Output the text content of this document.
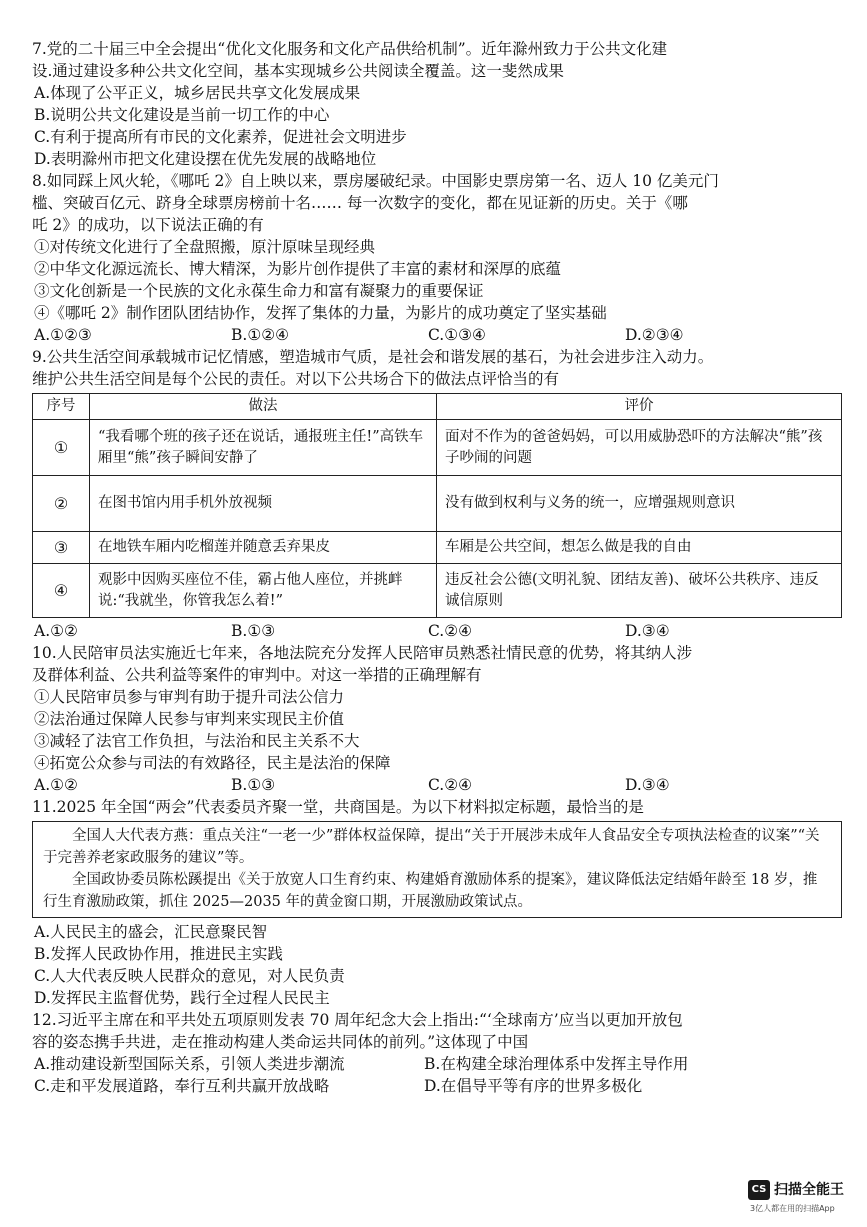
7.党的二十届三中全会提出“优化文化服务和文化产品供给机制”。近年滁州致力于公共文化建
设.通过建设多种公共文化空间，基本实现城乡公共阅读全覆盖。这一斐然成果
A.体现了公平正义，城乡居民共享文化发展成果
B.说明公共文化建设是当前一切工作的中心
C.有利于提高所有市民的文化素养，促进社会文明进步
D.表明滁州市把文化建设摆在优先发展的战略地位
8.如同踩上风火轮，《哪吒 2》自上映以来，票房屡破纪录。中国影史票房第一名、迈人 10 亿美元门
槛、突破百亿元、跻身全球票房榜前十名…… 每一次数字的变化，都在见证新的历史。关于《哪
吒 2》的成功，以下说法正确的有
①对传统文化进行了全盘照搬，原汁原味呈现经典
②中华文化源远流长、博大精深，为影片创作提供了丰富的素材和深厚的底蕴
③文化创新是一个民族的文化永葆生命力和富有凝聚力的重要保证
④《哪吒 2》制作团队团结协作，发挥了集体的力量，为影片的成功奠定了坚实基础
A.①②③	B.①②④	C.①③④	D.②③④
9.公共生活空间承载城市记忆情感，塑造城市气质，是社会和谐发展的基石，为社会进步注入动力。
维护公共生活空间是每个公民的责任。对以下公共场合下的做法点评恰当的有
序号	做法	评价
①	“我看哪个班的孩子还在说话，通报班主任!”高铁车厢里“熊”孩子瞬间安静了	面对不作为的爸爸妈妈，可以用威胁恐吓的方法解决“熊”孩子吵闹的问题
②	在图书馆内用手机外放视频	没有做到权利与义务的统一，应增强规则意识
③	在地铁车厢内吃榴莲并随意丢弃果皮	车厢是公共空间，想怎么做是我的自由
④	观影中因购买座位不佳，霸占他人座位，并挑衅说:“我就坐，你管我怎么着!”	违反社会公德(文明礼貌、团结友善)、破坏公共秩序、违反诚信原则
A.①②	B.①③	C.②④	D.③④
10.人民陪审员法实施近七年来，各地法院充分发挥人民陪审员熟悉社情民意的优势，将其纳人涉
及群体利益、公共利益等案件的审判中。对这一举措的正确理解有
①人民陪审员参与审判有助于提升司法公信力
②法治通过保障人民参与审判来实现民主价值
③减轻了法官工作负担，与法治和民主关系不大
④拓宽公众参与司法的有效路径，民主是法治的保障
A.①②	B.①③	C.②④	D.③④
11.2025 年全国“两会”代表委员齐聚一堂，共商国是。为以下材料拟定标题，最恰当的是

全国人大代表方燕：重点关注“一老一少”群体权益保障，提出“关于开展涉未成年人食品安全专项执法检查的议案”“关于完善养老家政服务的建议”等。

全国政协委员陈松蹊提出《关于放宽人口生育约束、构建婚育激励体系的提案》，建议降低法定结婚年龄至 18 岁，推行生育激励政策，抓住 2025—2035 年的黄金窗口期，开展激励政策试点。

A.人民民主的盛会，汇民意聚民智
B.发挥人民政协作用，推进民主实践
C.人大代表反映人民群众的意见，对人民负责
D.发挥民主监督优势，践行全过程人民民主
12.习近平主席在和平共处五项原则发表 70 周年纪念大会上指出:“‘全球南方’应当以更加开放包
容的姿态携手共进，走在推动构建人类命运共同体的前列。”这体现了中国
A.推动建设新型国际关系，引领人类进步潮流	B.在构建全球治理体系中发挥主导作用
C.走和平发展道路，奉行互利共赢开放战略	D.在倡导平等有序的世界多极化
CS 扫描全能王
3亿人都在用的扫描App
